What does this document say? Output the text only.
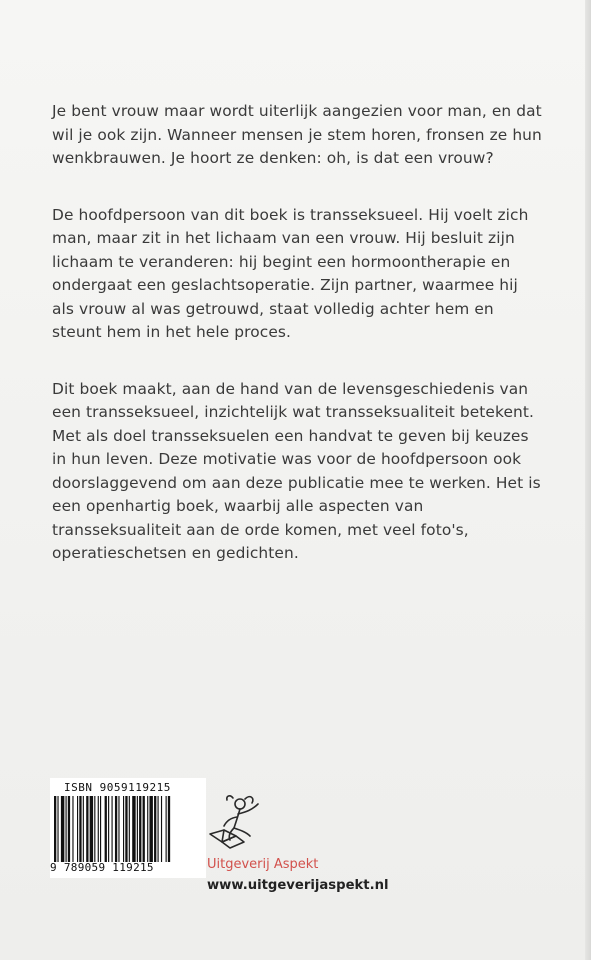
Je bent vrouw maar wordt uiterlijk aangezien voor man, en dat wil je ook zijn. Wanneer mensen je stem horen, fronsen ze hun wenkbrauwen. Je hoort ze denken: oh, is dat een vrouw?

De hoofdpersoon van dit boek is transseksueel. Hij voelt zich man, maar zit in het lichaam van een vrouw. Hij besluit zijn lichaam te veranderen: hij begint een hormoontherapie en ondergaat een geslachtsoperatie. Zijn partner, waarmee hij als vrouw al was getrouwd, staat volledig achter hem en steunt hem in het hele proces.

Dit boek maakt, aan de hand van de levensgeschiedenis van een transseksueel, inzichtelijk wat transseksualiteit betekent. Met als doel transseksuelen een handvat te geven bij keuzes in hun leven. Deze motivatie was voor de hoofdpersoon ook doorslaggevend om aan deze publicatie mee te werken. Het is een openhartig boek, waarbij alle aspecten van transseksualiteit aan de orde komen, met veel foto's, operatieschetsen en gedichten.

ISBN 9059119215
9 789059 119215	Uitgeverij Aspekt
www.uitgeverijaspekt.nl
